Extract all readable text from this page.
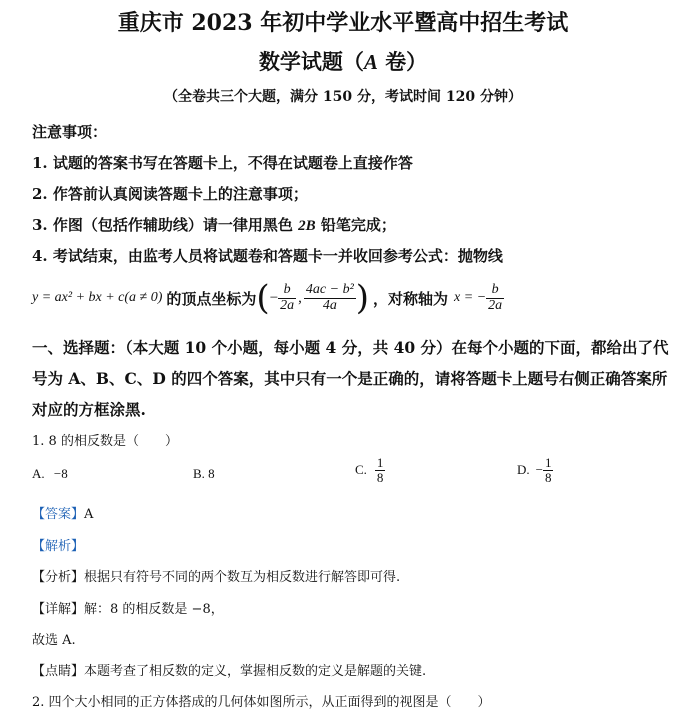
重庆市 2023 年初中学业水平暨高中招生考试
数学试题（A 卷）
（全卷共三个大题，满分 150 分，考试时间 120 分钟）
注意事项：
1. 试题的答案书写在答题卡上，不得在试题卷上直接作答
2. 作答前认真阅读答题卡上的注意事项；
3. 作图（包括作辅助线）请一律用黑色 2B 铅笔完成；
4. 考试结束，由监考人员将试题卷和答题卡一并收回参考公式：抛物线
y = ax² + bx + c(a ≠ 0) 的顶点坐标为 ( − $\frac{b}{2a}$ , $\frac{\text{4ac − b²}}{4a}$ ) ，对称轴为 x = − $\frac{b}{2a}$
一、选择题：（本大题 10 个小题，每小题 4 分，共 40 分）在每个小题的下面，都给出了代
号为 A、B、C、D 的四个答案，其中只有一个是正确的，请将答题卡上题号右侧正确答案所
对应的方框涂黑.
1. 8 的相反数是（　　）
A. −8	B. 8	C. $\frac{1}{8}$	D. − $\frac{1}{8}$
【答案】A
【解析】
【分析】根据只有符号不同的两个数互为相反数进行解答即可得.
【详解】解：8 的相反数是 −8，
故选 A.
【点睛】本题考查了相反数的定义，掌握相反数的定义是解题的关键.
2. 四个大小相同的正方体搭成的几何体如图所示，从正面得到的视图是（　　）
